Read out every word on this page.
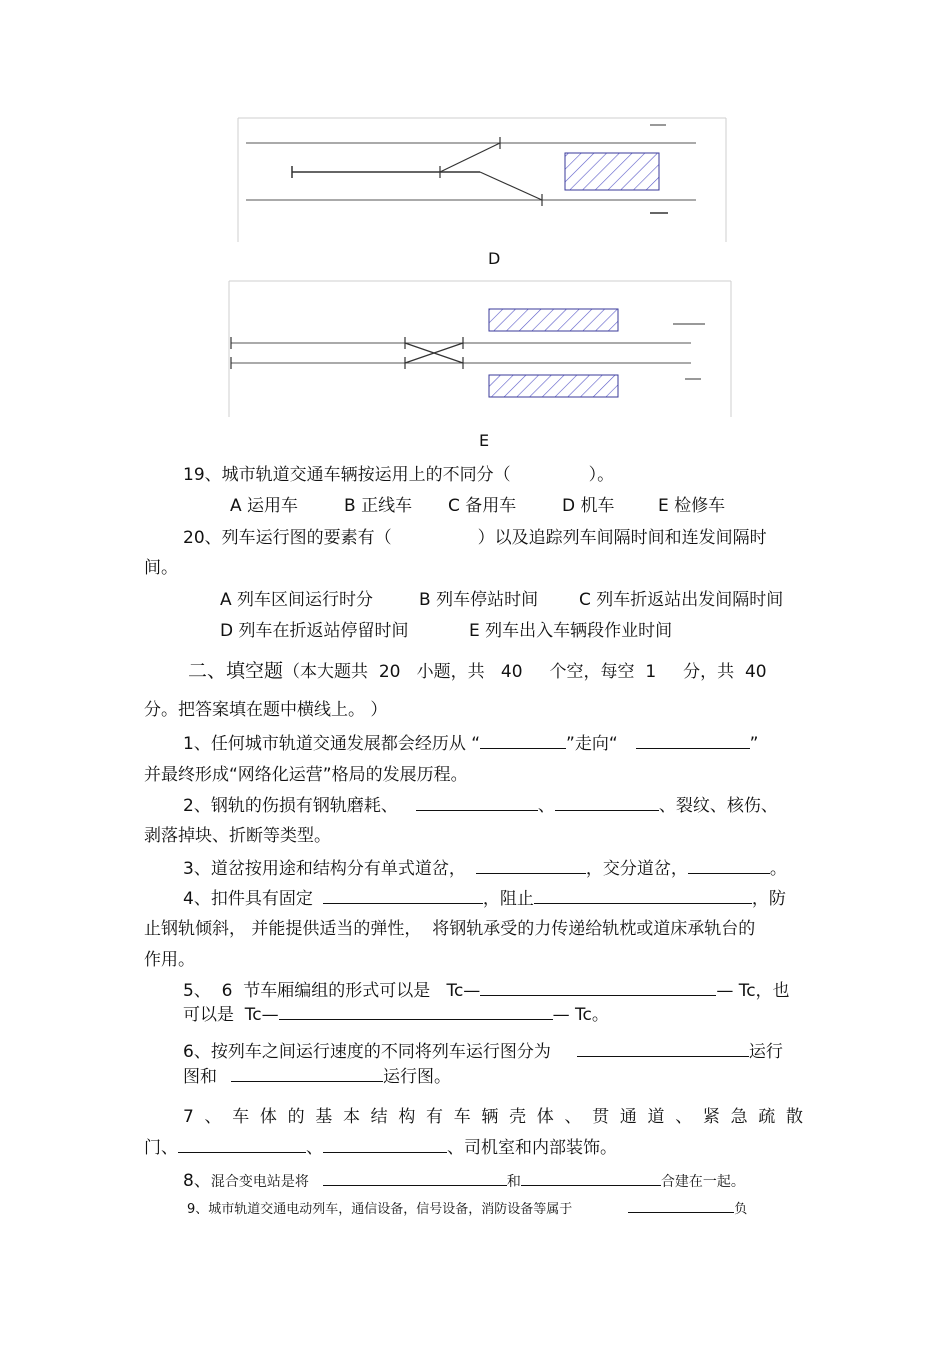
D
E
19、城市轨道交通车辆按运用上的不同分（	）。
A 运用车	B 正线车 C 备用车	D 机车	E 检修车
20、列车运行图的要素有（	）以及追踪列车间隔时间和连发间隔时
间。
A 列车区间运行时分	B 列车停站时间 C 列车折返站出发间隔时间
D 列车在折返站停留时间	E 列车出入车辆段作业时间
二、填空题（本大题共  20   小题，共   40     个空，每空  1     分，共  40
分。把答案填在题中横线上。 ）
1、任何城市轨道交通发展都会经历从 “	”走向“	”
并最终形成“网络化运营”格局的发展历程。
2、钢轨的伤损有钢轨磨耗、	、	、裂纹、核伤、
剥落掉块、折断等类型。
3、道岔按用途和结构分有单式道岔，	，交分道岔，	。
4、扣件具有固定	，阻止	，防
止钢轨倾斜， 并能提供适当的弹性，  将钢轨承受的力传递给轨枕或道床承轨台的
作用。
5、  6  节车厢编组的形式可以是   Tc—	— Tc，也
可以是  Tc—	— Tc。
6、按列车之间运行速度的不同将列车运行图分为	运行
图和	运行图。
7、车体的基本结构有车辆壳体、贯通道、紧急疏散
门、	、	、司机室和内部装饰。
8、混合变电站是将	和	合建在一起。
9、城市轨道交通电动列车，通信设备，信号设备，消防设备等属于	负
